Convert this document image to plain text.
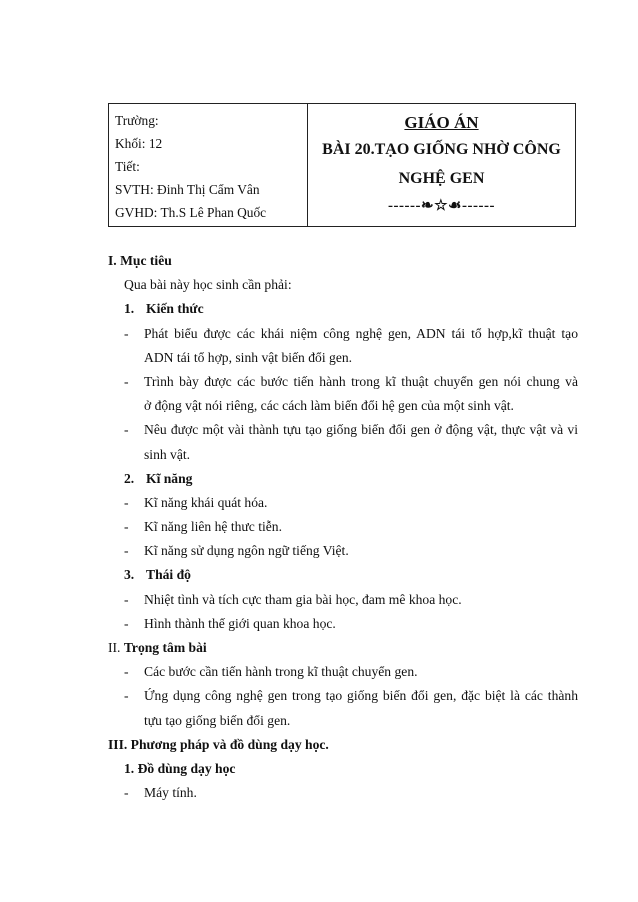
Trường:
Khối: 12
Tiết:
SVTH: Đinh Thị Cẩm Vân
GVHD: Th.S Lê Phan Quốc
GIÁO ÁN
BÀI 20.TẠO GIỐNG NHỜ CÔNG
NGHỆ GEN
------❧☆☙------
I. Mục tiêu
Qua bài này học sinh cần phải:
1. Kiến thức
-	Phát biểu được các khái niệm công nghệ gen, ADN tái tổ hợp,kĩ thuật tạo
ADN tái tổ hợp, sinh vật biến đổi gen.
-	Trình bày được các bước tiến hành trong kĩ thuật chuyển gen nói chung và
ở động vật nói riêng, các cách làm biến đổi hệ gen của một sinh vật.
-	Nêu được một vài thành tựu tạo giống biến đổi gen ở động vật, thực vật và vi
sinh vật.
2. Kĩ năng
-	Kĩ năng khái quát hóa.
-	Kĩ năng liên hệ thưc tiễn.
-	Kĩ năng sử dụng ngôn ngữ tiếng Việt.
3. Thái độ
-	Nhiệt tình và tích cực tham gia bài học, đam mê khoa học.
-	Hình thành thế giới quan khoa học.
II. Trọng tâm bài
-	Các bước cần tiến hành trong kĩ thuật chuyển gen.
-	Ứng dụng công nghệ gen trong tạo giống biến đổi gen, đặc biệt là các thành
tựu tạo giống biến đổi gen.
III. Phương pháp và đồ dùng dạy học.
1. Đồ dùng dạy học
-	Máy tính.
